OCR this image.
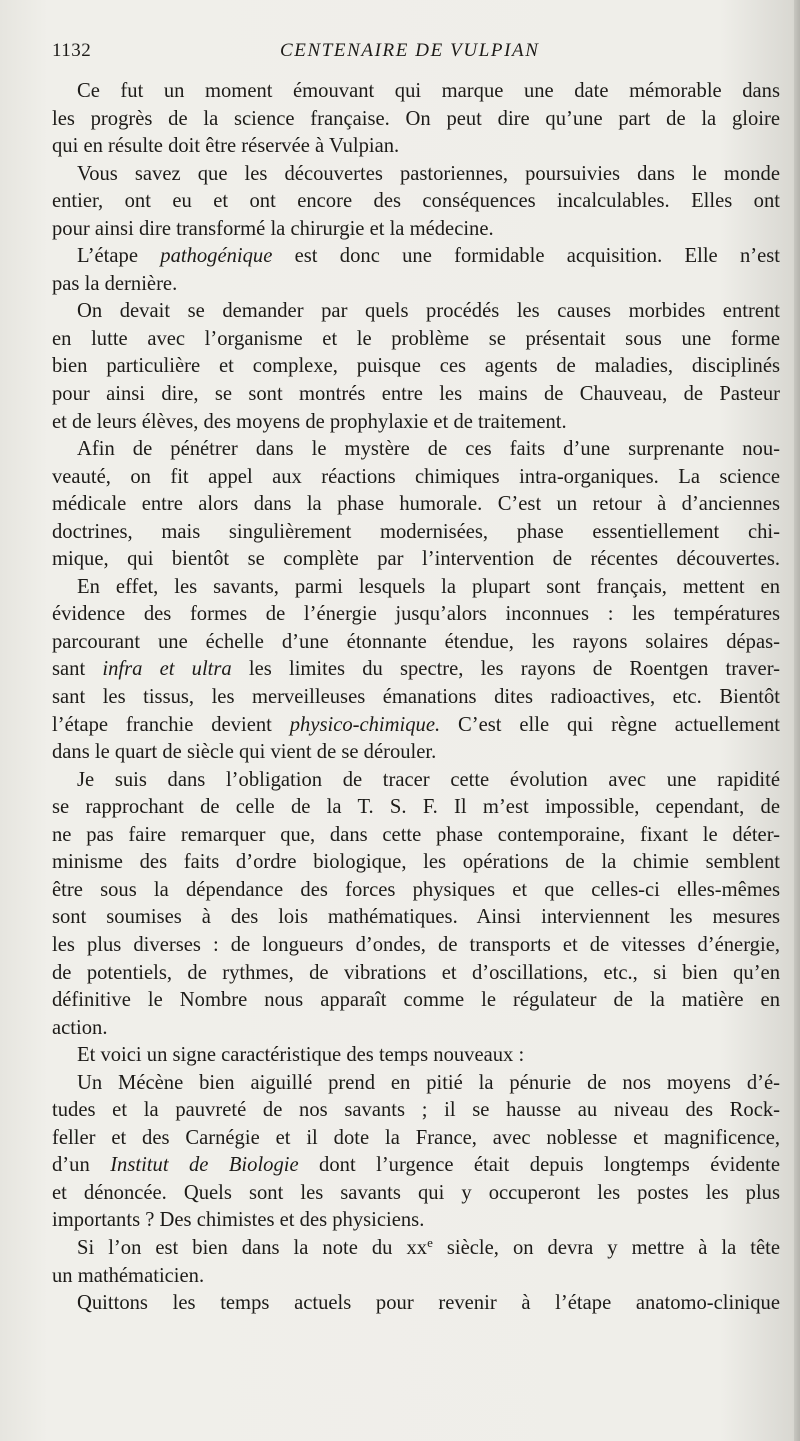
1132	CENTENAIRE DE VULPIAN
Ce fut un moment émouvant qui marque une date mémorable dans
les progrès de la science française. On peut dire qu’une part de la gloire
qui en résulte doit être réservée à Vulpian.
Vous savez que les découvertes pastoriennes, poursuivies dans le monde
entier, ont eu et ont encore des conséquences incalculables. Elles ont
pour ainsi dire transformé la chirurgie et la médecine.
L’étape pathogénique est donc une formidable acquisition. Elle n’est
pas la dernière.
On devait se demander par quels procédés les causes morbides entrent
en lutte avec l’organisme et le problème se présentait sous une forme
bien particulière et complexe, puisque ces agents de maladies, disciplinés
pour ainsi dire, se sont montrés entre les mains de Chauveau, de Pasteur
et de leurs élèves, des moyens de prophylaxie et de traitement.
Afin de pénétrer dans le mystère de ces faits d’une surprenante nou-
veauté, on fit appel aux réactions chimiques intra-organiques. La science
médicale entre alors dans la phase humorale. C’est un retour à d’anciennes
doctrines, mais singulièrement modernisées, phase essentiellement chi-
mique, qui bientôt se complète par l’intervention de récentes découvertes.
En effet, les savants, parmi lesquels la plupart sont français, mettent en
évidence des formes de l’énergie jusqu’alors inconnues : les températures
parcourant une échelle d’une étonnante étendue, les rayons solaires dépas-
sant infra et ultra les limites du spectre, les rayons de Roentgen traver-
sant les tissus, les merveilleuses émanations dites radioactives, etc. Bientôt
l’étape franchie devient physico-chimique. C’est elle qui règne actuellement
dans le quart de siècle qui vient de se dérouler.
Je suis dans l’obligation de tracer cette évolution avec une rapidité
se rapprochant de celle de la T. S. F. Il m’est impossible, cependant, de
ne pas faire remarquer que, dans cette phase contemporaine, fixant le déter-
minisme des faits d’ordre biologique, les opérations de la chimie semblent
être sous la dépendance des forces physiques et que celles-ci elles-mêmes
sont soumises à des lois mathématiques. Ainsi interviennent les mesures
les plus diverses : de longueurs d’ondes, de transports et de vitesses d’énergie,
de potentiels, de rythmes, de vibrations et d’oscillations, etc., si bien qu’en
définitive le Nombre nous apparaît comme le régulateur de la matière en
action.
Et voici un signe caractéristique des temps nouveaux :
Un Mécène bien aiguillé prend en pitié la pénurie de nos moyens d’é-
tudes et la pauvreté de nos savants ; il se hausse au niveau des Rock-
feller et des Carnégie et il dote la France, avec noblesse et magnificence,
d’un Institut de Biologie dont l’urgence était depuis longtemps évidente
et dénoncée. Quels sont les savants qui y occuperont les postes les plus
importants ? Des chimistes et des physiciens.
Si l’on est bien dans la note du $xx^e$ siècle, on devra y mettre à la tête
un mathématicien.
Quittons les temps actuels pour revenir à l’étape anatomo-clinique
